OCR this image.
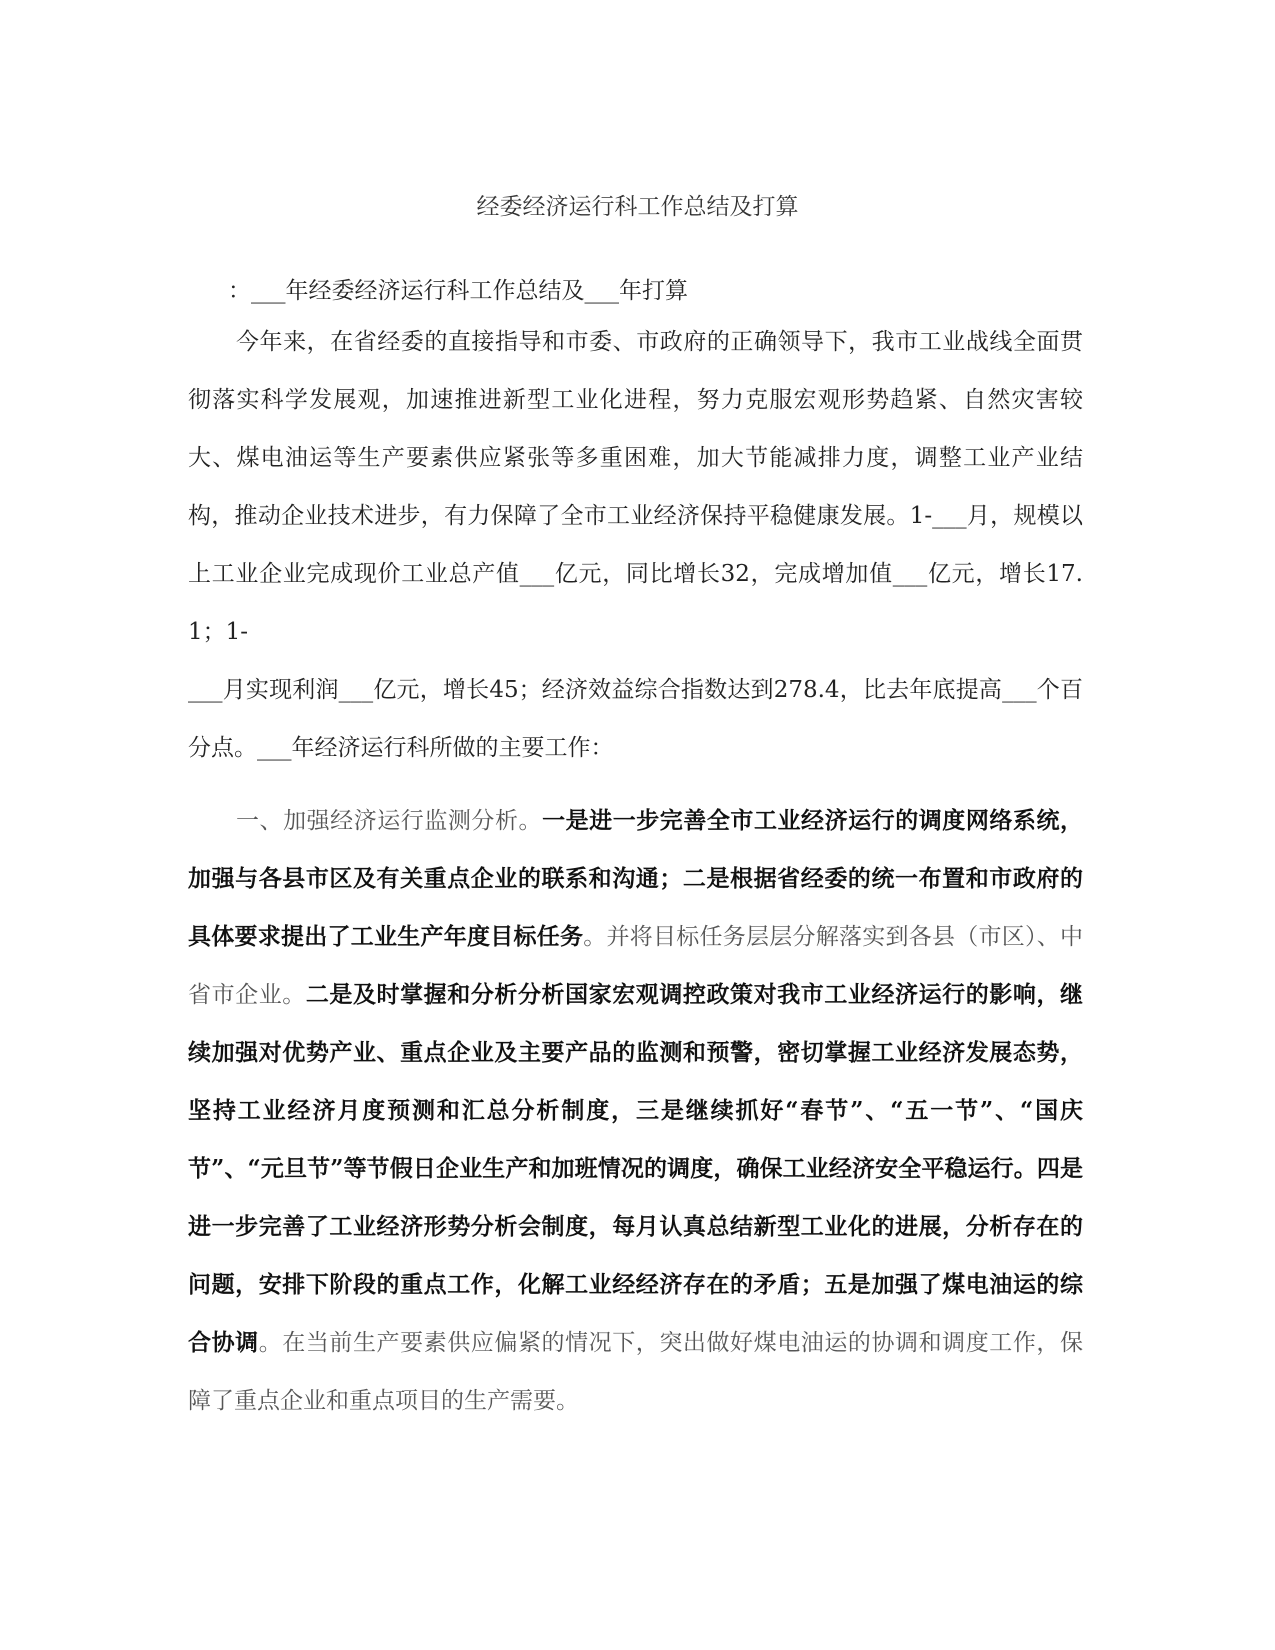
经委经济运行科工作总结及打算
：___年经委经济运行科工作总结及___年打算
今年来，在省经委的直接指导和市委、市政府的正确领导下，我市工业战线全面贯彻落实科学发展观，加速推进新型工业化进程，努力克服宏观形势趋紧、自然灾害较大、煤电油运等生产要素供应紧张等多重困难，加大节能减排力度，调整工业产业结构，推动企业技术进步，有力保障了全市工业经济保持平稳健康发展。1-___月，规模以上工业企业完成现价工业总产值___亿元，同比增长32，完成增加值___亿元，增长17.1；1-
___月实现利润___亿元，增长45；经济效益综合指数达到278.4，比去年底提高___个百分点。___年经济运行科所做的主要工作：
一、加强经济运行监测分析。一是进一步完善全市工业经济运行的调度网络系统，加强与各县市区及有关重点企业的联系和沟通；二是根据省经委的统一布置和市政府的具体要求提出了工业生产年度目标任务。并将目标任务层层分解落实到各县（市区）、中省市企业。二是及时掌握和分析分析国家宏观调控政策对我市工业经济运行的影响，继续加强对优势产业、重点企业及主要产品的监测和预警，密切掌握工业经济发展态势，坚持工业经济月度预测和汇总分析制度，三是继续抓好“春节”、“五一节”、“国庆节”、“元旦节”等节假日企业生产和加班情况的调度，确保工业经济安全平稳运行。四是进一步完善了工业经济形势分析会制度，每月认真总结新型工业化的进展，分析存在的问题，安排下阶段的重点工作，化解工业经经济存在的矛盾；五是加强了煤电油运的综合协调。在当前生产要素供应偏紧的情况下，突出做好煤电油运的协调和调度工作，保障了重点企业和重点项目的生产需要。
